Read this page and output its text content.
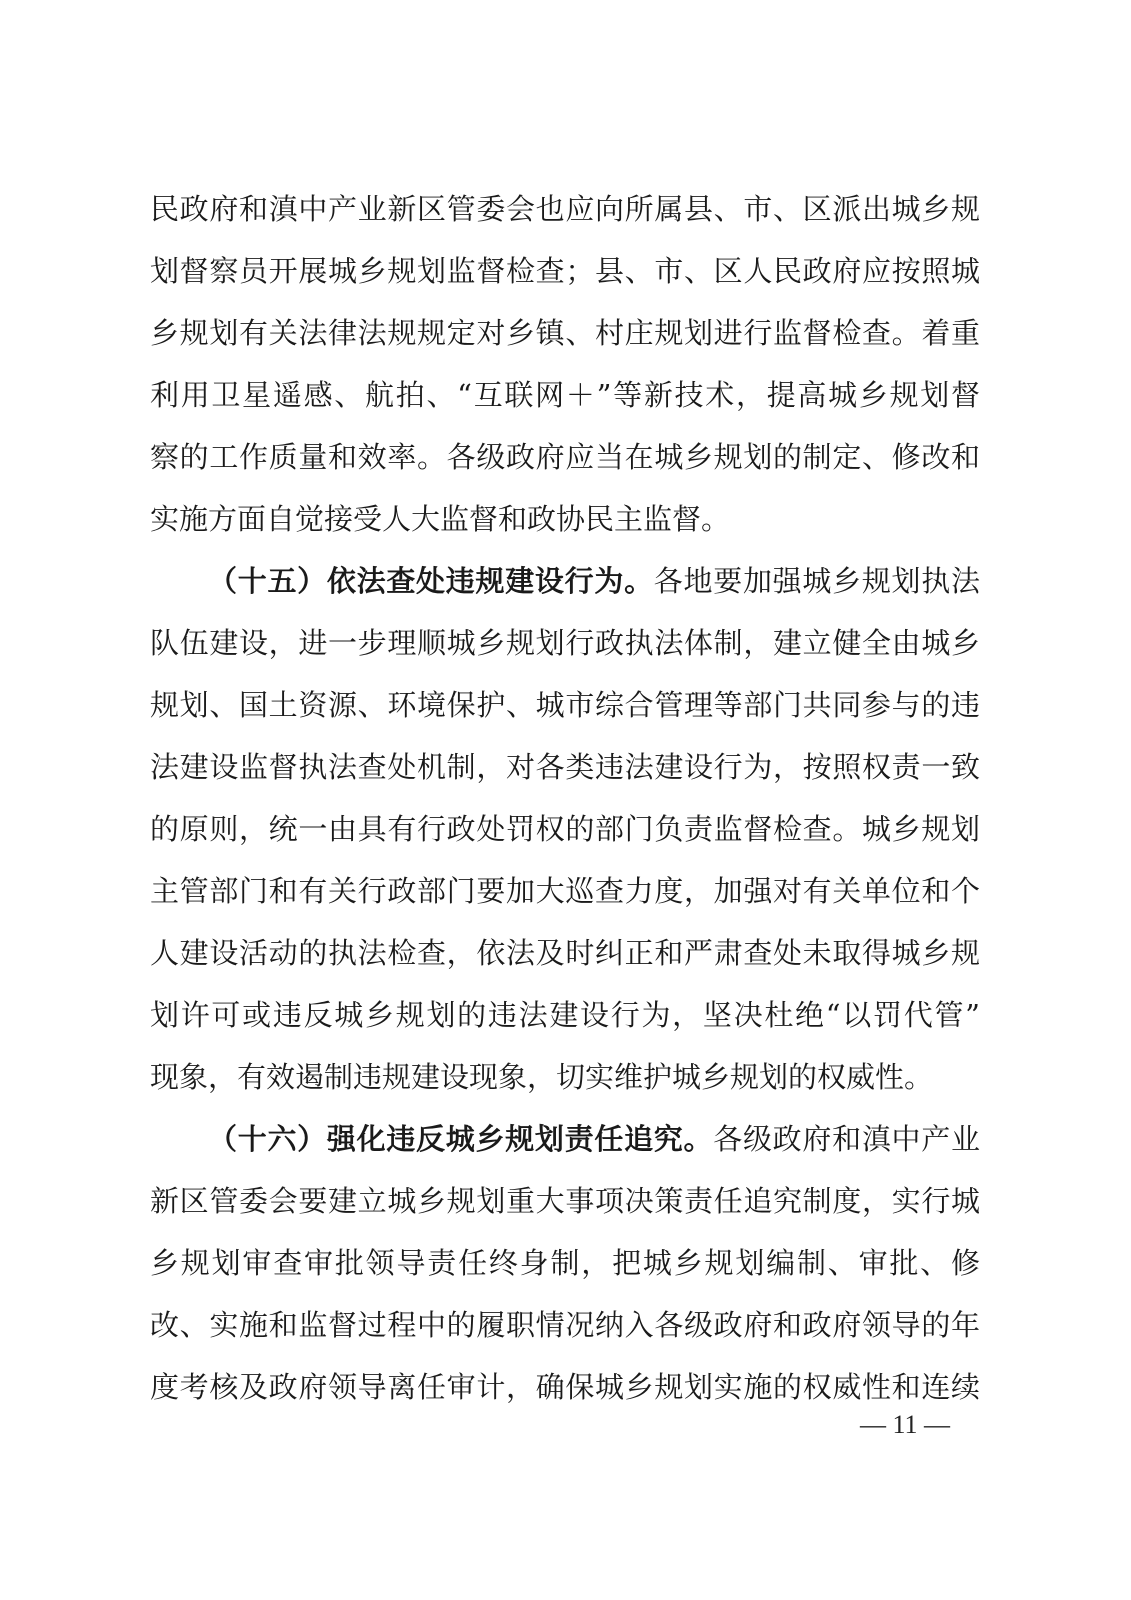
民政府和滇中产业新区管委会也应向所属县、市、区派出城乡规
划督察员开展城乡规划监督检查；县、市、区人民政府应按照城
乡规划有关法律法规规定对乡镇、村庄规划进行监督检查。着重
利用卫星遥感、航拍、“互联网＋”等新技术，提高城乡规划督
察的工作质量和效率。各级政府应当在城乡规划的制定、修改和
实施方面自觉接受人大监督和政协民主监督。
（十五）依法查处违规建设行为。各地要加强城乡规划执法
队伍建设，进一步理顺城乡规划行政执法体制，建立健全由城乡
规划、国土资源、环境保护、城市综合管理等部门共同参与的违
法建设监督执法查处机制，对各类违法建设行为，按照权责一致
的原则，统一由具有行政处罚权的部门负责监督检查。城乡规划
主管部门和有关行政部门要加大巡查力度，加强对有关单位和个
人建设活动的执法检查，依法及时纠正和严肃查处未取得城乡规
划许可或违反城乡规划的违法建设行为，坚决杜绝“以罚代管”
现象，有效遏制违规建设现象，切实维护城乡规划的权威性。
（十六）强化违反城乡规划责任追究。各级政府和滇中产业
新区管委会要建立城乡规划重大事项决策责任追究制度，实行城
乡规划审查审批领导责任终身制，把城乡规划编制、审批、修
改、实施和监督过程中的履职情况纳入各级政府和政府领导的年
度考核及政府领导离任审计，确保城乡规划实施的权威性和连续
— 11 —
